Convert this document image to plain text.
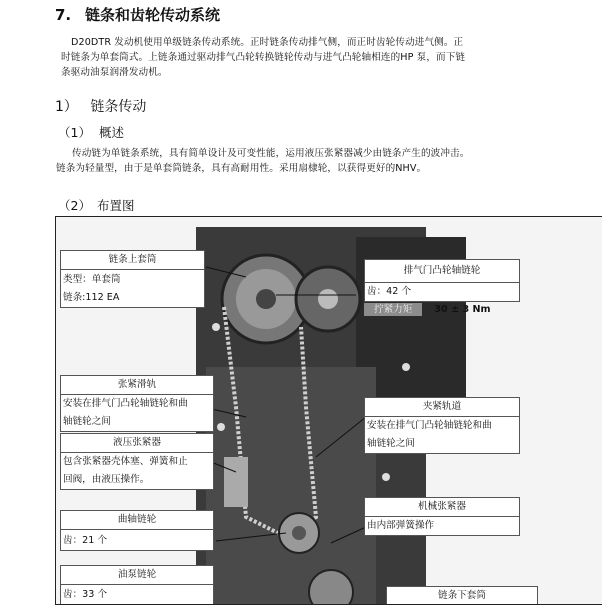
7. 链条和齿轮传动系统
D20DTR 发动机使用单级链条传动系统。正时链条传动排气侧，而正时齿轮传动进气侧。正
时链条为单套筒式。上链条通过驱动排气凸轮转换链轮传动与进气凸轮轴相连的HP 泵，而下链
条驱动油泵润滑发动机。
1） 链条传动
（1） 概述
传动链为单链条系统，具有简单设计及可变性能，运用液压张紧器减少由链条产生的波冲击。
链条为轻量型，由于是单套筒链条，具有高耐用性。采用扇棣轮，以获得更好的NHV。
（2） 布置图
链条上套筒
类型：单套筒
链条:112 EA
排气门凸轮轴链轮
齿：42 个
拧紧力矩 30 ± 3 Nm
张紧滑轨
安装在排气门凸轮轴链轮和曲
轴链轮之间
夹紧轨道
安装在排气门凸轮轴链轮和曲
轴链轮之间
液压张紧器
包含张紧器壳体塞、弹簧和止
回阀，由液压操作。
机械张紧器
由内部弹簧操作
曲轴链轮
齿：21 个
油泵链轮
齿：33 个	链条下套筒
